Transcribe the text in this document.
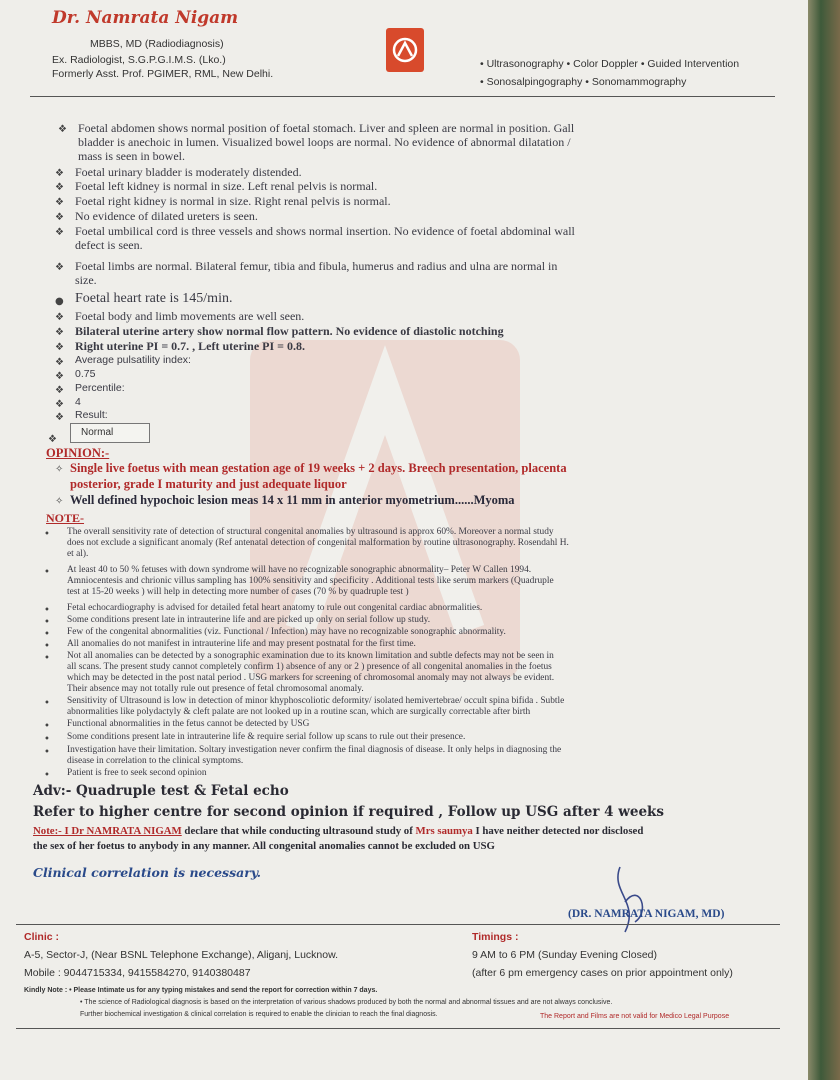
Dr. Namrata Nigam
MBBS, MD (Radiodiagnosis)
Ex. Radiologist, S.G.P.G.I.M.S. (Lko.)
Formerly Asst. Prof. PGIMER, RML, New Delhi.
• Ultrasonography • Color Doppler • Guided Intervention
• Sonosalpingography • Sonomammography
❖ Foetal abdomen shows normal position of foetal stomach. Liver and spleen are normal in position. Gall
bladder is anechoic in lumen. Visualized bowel loops are normal. No evidence of abnormal dilatation /
mass is seen in bowel.
❖ Foetal urinary bladder is moderately distended.
❖ Foetal left kidney is normal in size. Left renal pelvis is normal.
❖ Foetal right kidney is normal in size. Right renal pelvis is normal.
❖ No evidence of dilated ureters is seen.
❖ Foetal umbilical cord is three vessels and shows normal insertion. No evidence of foetal abdominal wall
defect is seen.
❖ Foetal limbs are normal. Bilateral femur, tibia and fibula, humerus and radius and ulna are normal in
size.
● Foetal heart rate is 145/min.
❖ Foetal body and limb movements are well seen.
❖ Bilateral uterine artery show normal flow pattern. No evidence of diastolic notching
❖ Right uterine PI = 0.7. , Left uterine PI = 0.8.
❖ Average pulsatility index:
❖ 0.75
❖ Percentile:
❖ 4
❖ Result:
Normal
❖
OPINION:-
✧ Single live foetus with mean gestation age of 19 weeks + 2 days. Breech presentation, placenta
posterior, grade I maturity and just adequate liquor
✧ Well defined hypochoic lesion meas 14 x 11 mm in anterior myometrium......Myoma
NOTE-
• The overall sensitivity rate of detection of structural congenital anomalies by ultrasound is approx 60%. Moreover a normal study
does not exclude a significant anomaly (Ref antenatal detection of congenital malformation by routine ultrasonography. Rosendahl H.
et al).
• At least 40 to 50 % fetuses with down syndrome will have no recognizable sonographic abnormality– Peter W Callen 1994.
Amniocentesis and chrionic villus sampling has 100% sensitivity and specificity . Additional tests like serum markers (Quadruple
test at 15-20 weeks ) will help in detecting more number of cases (70 % by quadruple test )
• Fetal echocardiography is advised for detailed fetal heart anatomy to rule out congenital cardiac abnormalities.
• Some conditions present late in intrauterine life and are picked up only on serial follow up study.
• Few of the congenital abnormalities (viz. Functional / Infection) may have no recognizable sonographic abnormality.
• All anomalies do not manifest in intrauterine life and may present postnatal for the first time.
• Not all anomalies can be detected by a sonographic examination due to its known limitation and subtle defects may not be seen in
all scans. The present study cannot completely confirm 1) absence of any or 2 ) presence of all congenital anomalies in the foetus
which may be detected in the post natal period . USG markers for screening of chromosomal anomaly may not always be evident.
Their absence may not totally rule out presence of fetal chromosomal anomaly.
• Sensitivity of Ultrasound is low in detection of minor khyphoscoliotic deformity/ isolated hemivertebrae/ occult spina bifida . Subtle
abnormalities like polydactyly & cleft palate are not looked up in a routine scan, which are surgically correctable after birth
• Functional abnormalities in the fetus cannot be detected by USG
• Some conditions present late in intrauterine life & require serial follow up scans to rule out their presence.
• Investigation have their limitation. Soltary investigation never confirm the final diagnosis of disease. It only helps in diagnosing the
disease in correlation to the clinical symptoms.
• Patient is free to seek second opinion
Adv:- Quadruple test & Fetal echo
Refer to higher centre for second opinion if required , Follow up USG after 4 weeks
Note:- I Dr NAMRATA NIGAM declare that while conducting ultrasound study of Mrs saumya I have neither detected nor disclosed
the sex of her foetus to anybody in any manner. All congenital anomalies cannot be excluded on USG
Clinical correlation is necessary.
(DR. NAMRATA NIGAM, MD)
Clinic :
A-5, Sector-J, (Near BSNL Telephone Exchange), Aliganj, Lucknow.
Mobile : 9044715334, 9415584270, 9140380487
Timings :
9 AM to 6 PM (Sunday Evening Closed)
(after 6 pm emergency cases on prior appointment only)
Kindly Note : • Please Intimate us for any typing mistakes and send the report for correction within 7 days.
• The science of Radiological diagnosis is based on the interpretation of various shadows produced by both the normal and abnormal tissues and are not always conclusive.
Further biochemical investigation & clinical correlation is required to enable the clinician to reach the final diagnosis.	The Report and Films are not valid for Medico Legal Purpose
